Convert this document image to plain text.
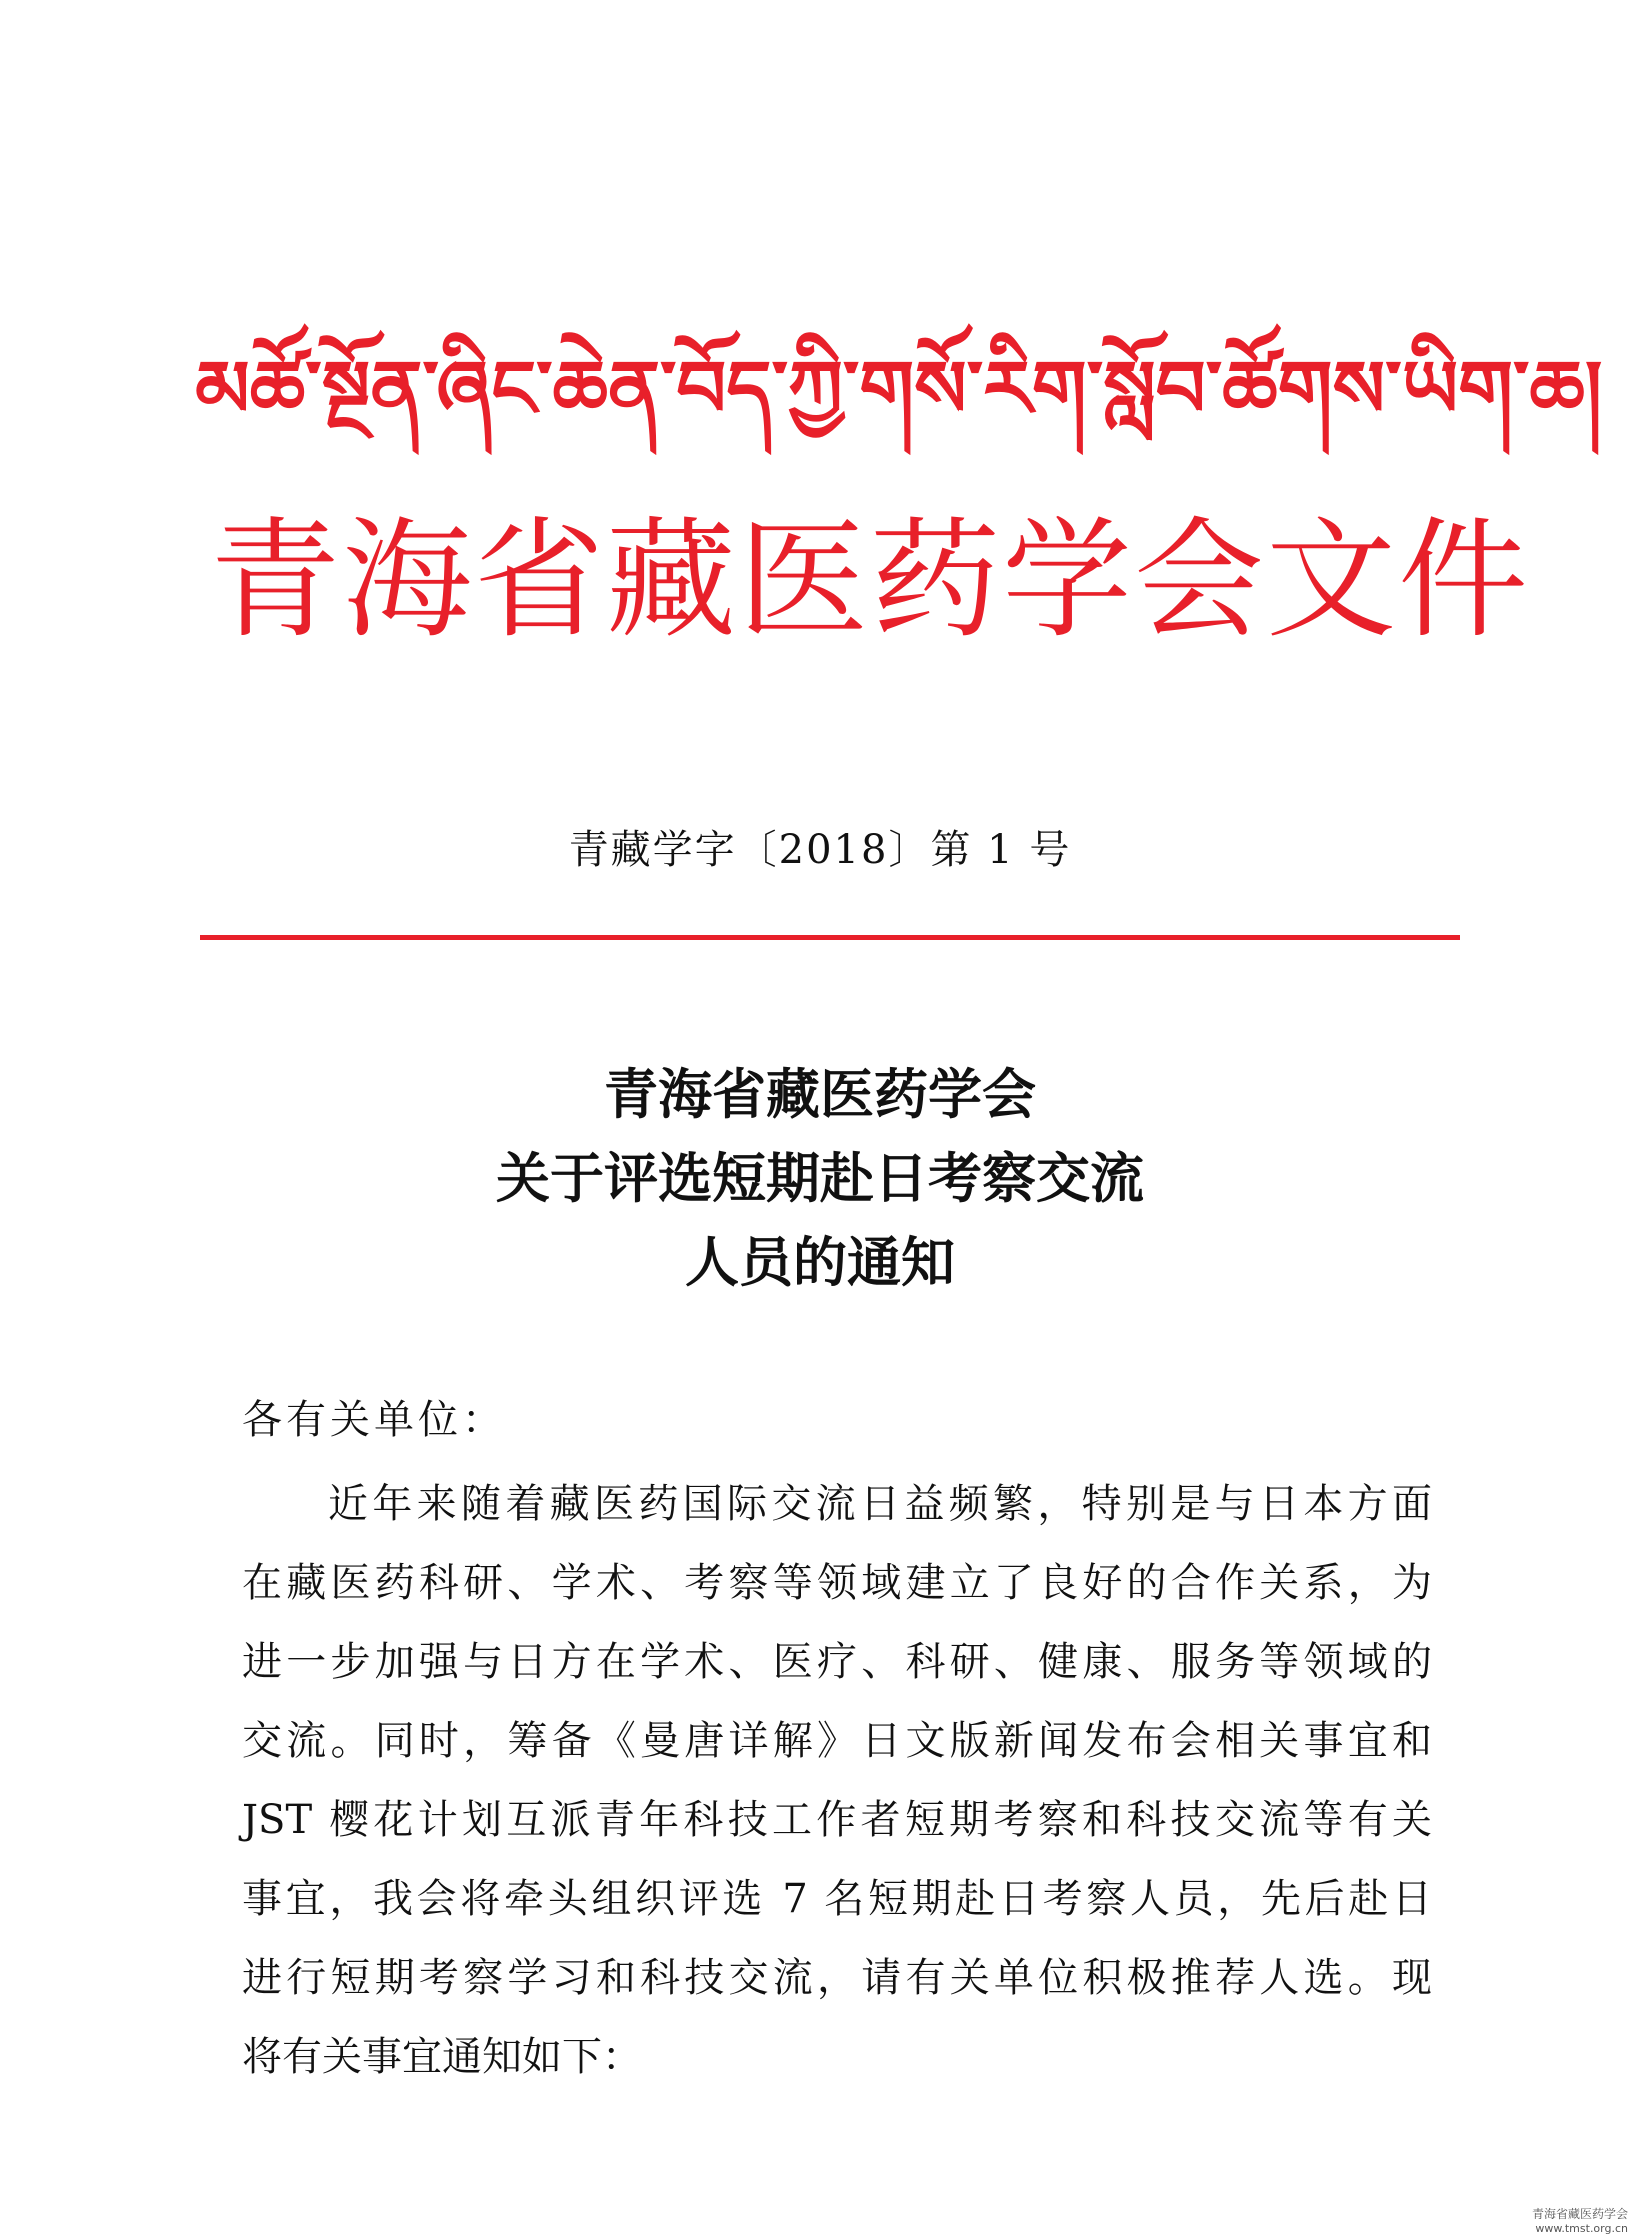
མཚོ་སྔོན་ཞིང་ཆེན་བོད་ཀྱི་གསོ་རིག་སློབ་ཚོགས་ཡིག་ཆ།
青海省藏医药学会文件
青藏学字〔2018〕第 1 号
青海省藏医药学会
关于评选短期赴日考察交流
人员的通知
各有关单位：
近年来随着藏医药国际交流日益频繁，特别是与日本方面
在藏医药科研、学术、考察等领域建立了良好的合作关系，为
进一步加强与日方在学术、医疗、科研、健康、服务等领域的
交流。同时，筹备《曼唐详解》日文版新闻发布会相关事宜和
JST 樱花计划互派青年科技工作者短期考察和科技交流等有关
事宜，我会将牵头组织评选 7 名短期赴日考察人员，先后赴日
进行短期考察学习和科技交流，请有关单位积极推荐人选。现
将有关事宜通知如下：
青海省藏医药学会
www.tmst.org.cn
